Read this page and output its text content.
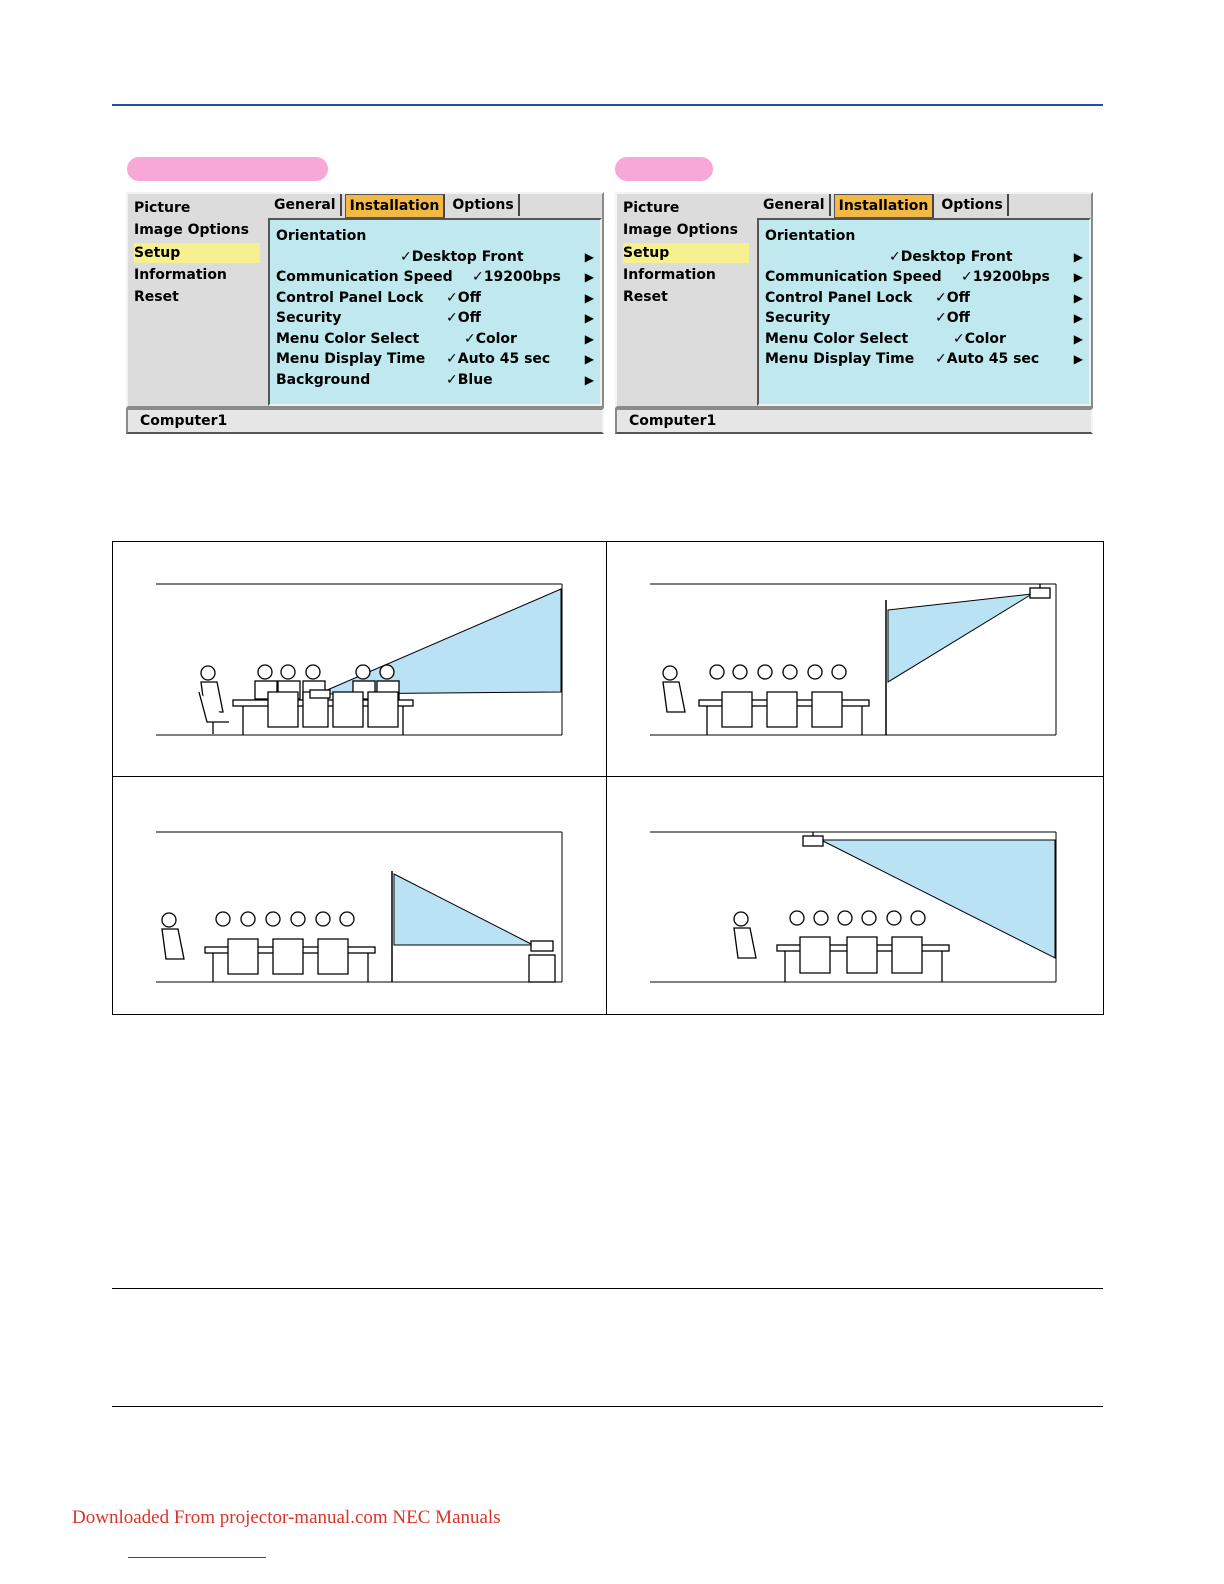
Picture
Image Options
Setup
Information
Reset
General	Installation Options
Orientation
✓Desktop Front	▶
Communication Speed ✓19200bps ▶
Control Panel Lock ✓Off	▶
Security	✓Off	▶
Menu Color Select	✓Color	▶
Menu Display Time ✓Auto 45 sec	▶
Background	✓Blue	▶
Computer1
Picture
Image Options
Setup
Information
Reset
General	Installation Options
Orientation
✓Desktop Front	▶
Communication Speed ✓19200bps ▶
Control Panel Lock ✓Off	▶
Security	✓Off	▶
Menu Color Select	✓Color	▶
Menu Display Time ✓Auto 45 sec	▶
Computer1
Downloaded From projector-manual.com NEC Manuals
